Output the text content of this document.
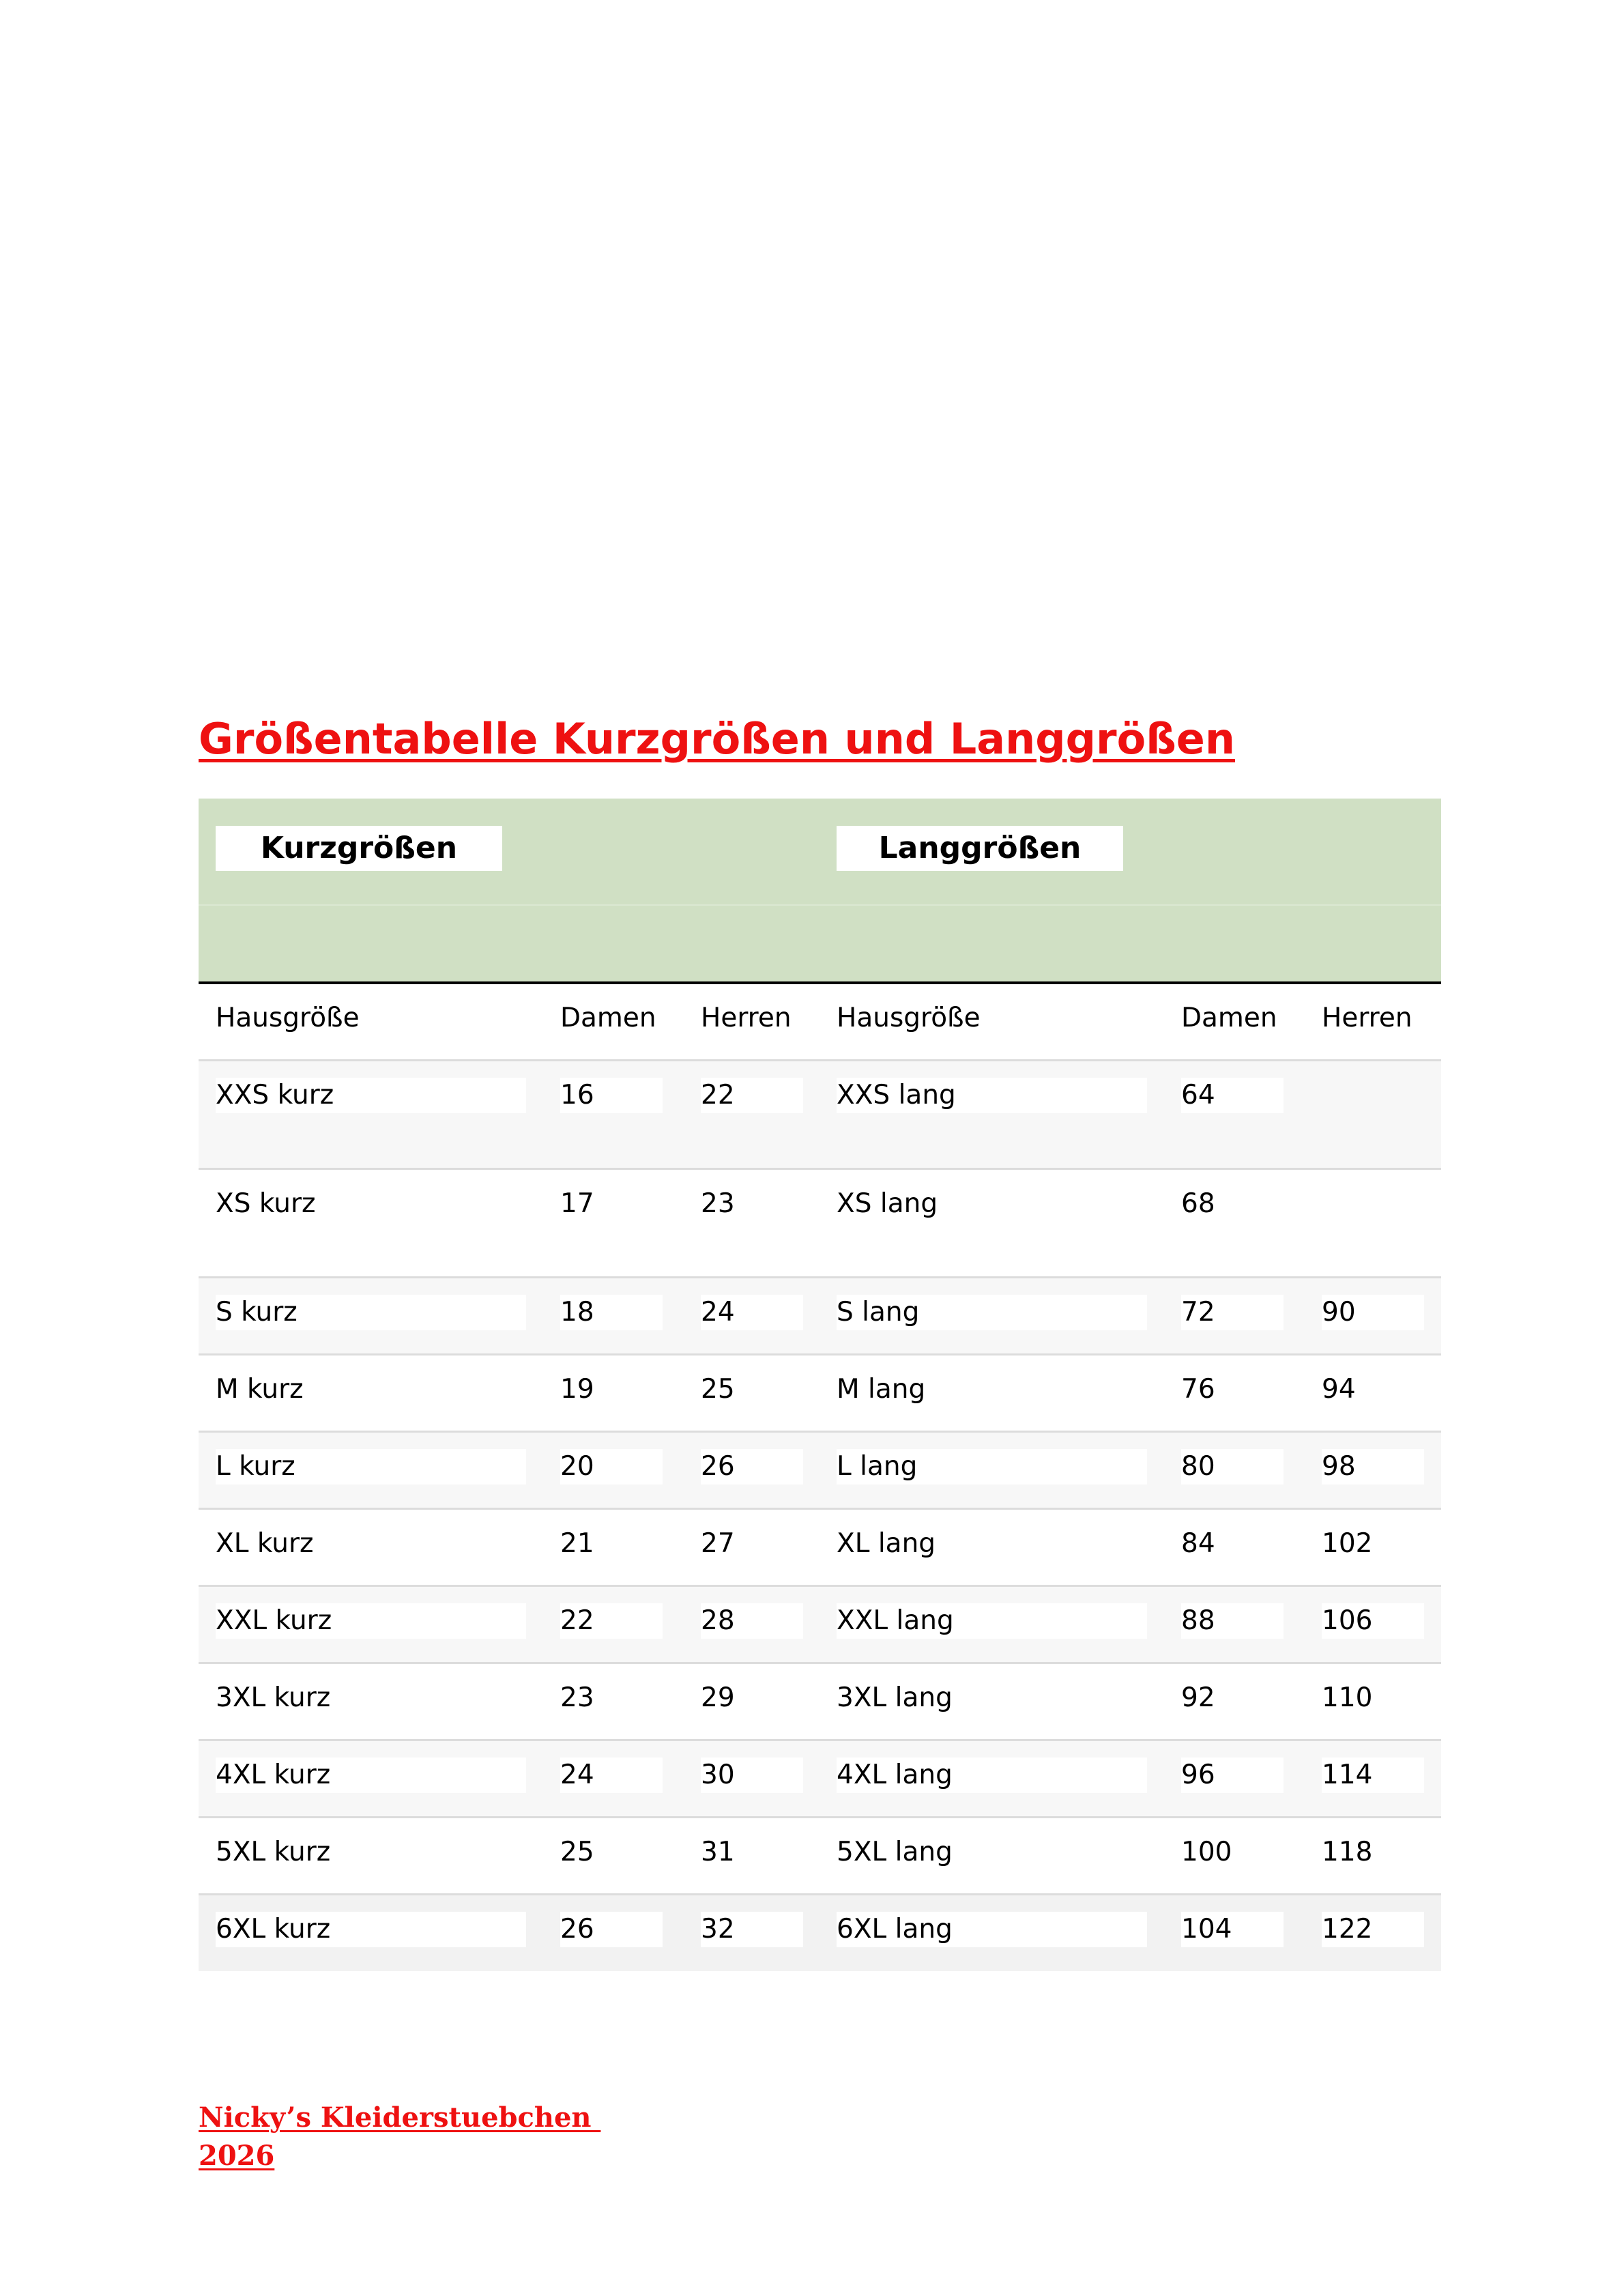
Größentabelle Kurzgrößen und Langgrößen
Kurzgrößen	Langgrößen
Hausgröße	Damen Herren	Hausgröße	Damen Herren
XXS kurz	16	22	XXS lang	64
XS kurz	17	23	XS lang	68
S kurz	18	24	S lang	72	90
M kurz	19	25	M lang	76	94
L kurz	20	26	L lang	80	98
XL kurz	21	27	XL lang	84	102
XXL kurz	22	28	XXL lang	88	106
3XL kurz	23	29	3XL lang	92	110
4XL kurz	24	30	4XL lang	96	114
5XL kurz	25	31	5XL lang	100	118
6XL kurz	26	32	6XL lang	104	122
Nicky’s Kleiderstuebchen
2026
